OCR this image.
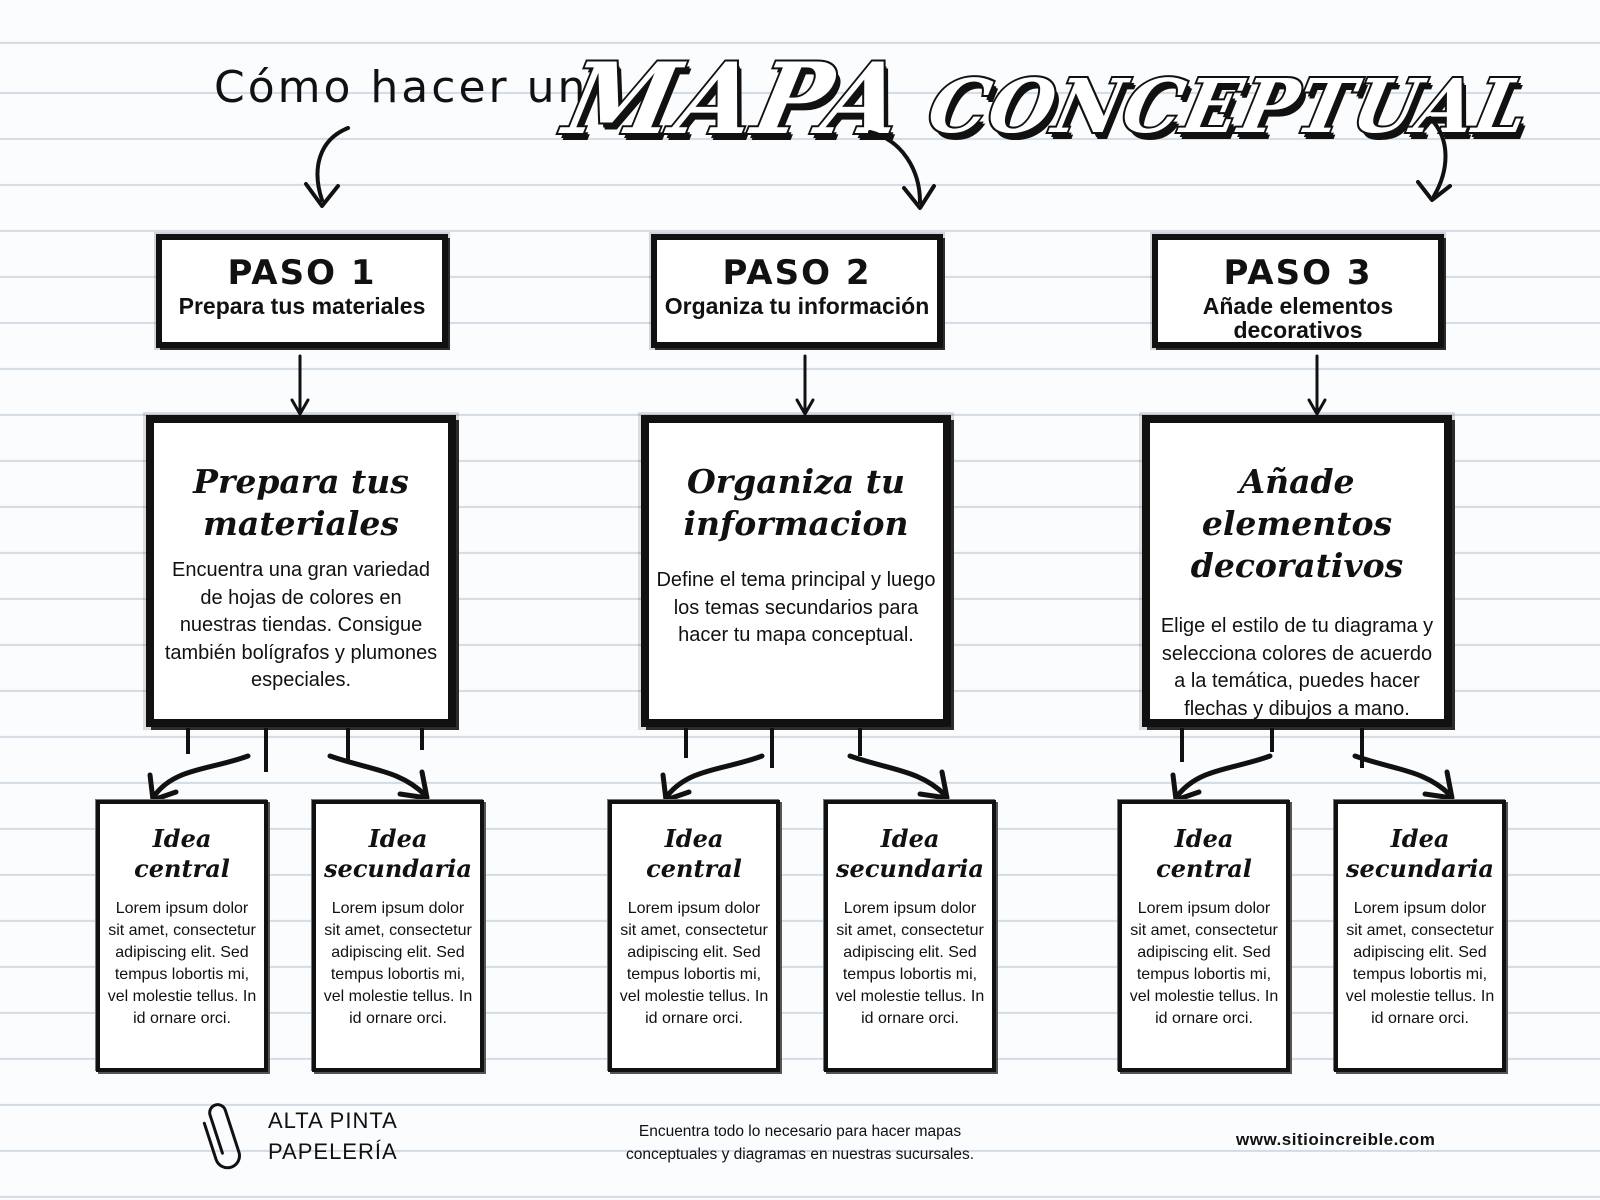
Cómo hacer un
MAPA CONCEPTUAL
PASO 1
Prepara tus materiales
Prepara tus materiales
Encuentra una gran variedad de hojas de colores en nuestras tiendas. Consigue también bolígrafos y plumones especiales.
Idea central
Lorem ipsum dolor sit amet, consectetur adipiscing elit. Sed tempus lobortis mi, vel molestie tellus. In id ornare orci.
Idea secundaria
Lorem ipsum dolor sit amet, consectetur adipiscing elit. Sed tempus lobortis mi, vel molestie tellus. In id ornare orci.
PASO 2
Organiza tu información
Organiza tu informacion
Define el tema principal y luego los temas secundarios para hacer tu mapa conceptual.
Idea central
Lorem ipsum dolor sit amet, consectetur adipiscing elit. Sed tempus lobortis mi, vel molestie tellus. In id ornare orci.
Idea secundaria
Lorem ipsum dolor sit amet, consectetur adipiscing elit. Sed tempus lobortis mi, vel molestie tellus. In id ornare orci.
PASO 3
Añade elementos decorativos
Añade elementos decorativos
Elige el estilo de tu diagrama y selecciona colores de acuerdo a la temática, puedes hacer flechas y dibujos a mano.
Idea central
Lorem ipsum dolor sit amet, consectetur adipiscing elit. Sed tempus lobortis mi, vel molestie tellus. In id ornare orci.
Idea secundaria
Lorem ipsum dolor sit amet, consectetur adipiscing elit. Sed tempus lobortis mi, vel molestie tellus. In id ornare orci.
ALTA PINTA
PAPELERÍA
Encuentra todo lo necesario para hacer mapas conceptuales y diagramas en nuestras sucursales.
www.sitioincreible.com
